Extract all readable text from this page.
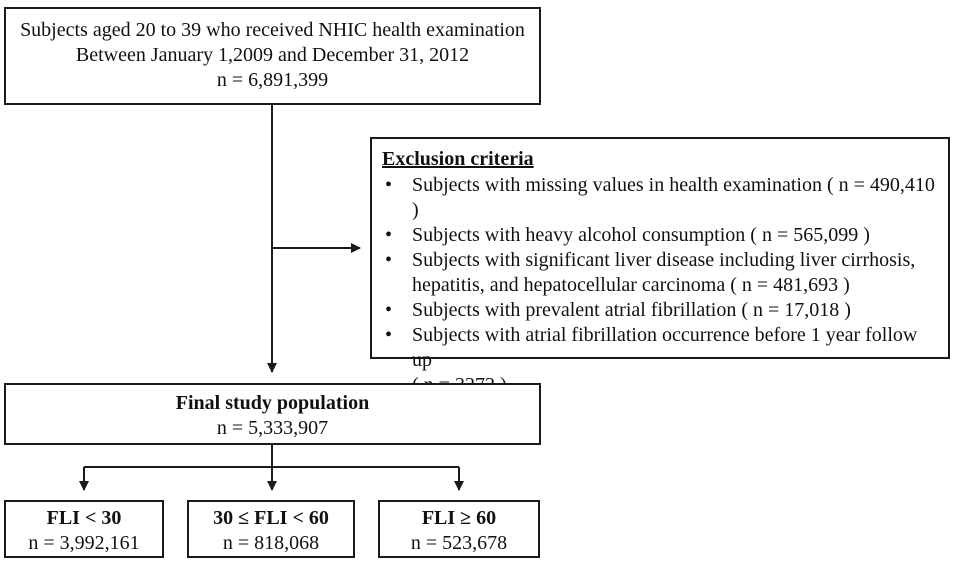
Subjects aged 20 to 39 who received NHIC health examination
Between January 1,2009 and December 31, 2012
n = 6,891,399
Exclusion criteria
• Subjects with missing values in health examination ( n = 490,410 )
• Subjects with heavy alcohol consumption ( n = 565,099 )
• Subjects with significant liver disease including liver cirrhosis,
hepatitis, and hepatocellular carcinoma ( n = 481,693 )
• Subjects with prevalent atrial fibrillation ( n = 17,018 )
• Subjects with atrial fibrillation occurrence before 1 year follow up
Final study population
n = 5,333,907
FLI < 30
n = 3,992,161
30 ≤ FLI < 60
n = 818,068
FLI ≥ 60
n = 523,678
